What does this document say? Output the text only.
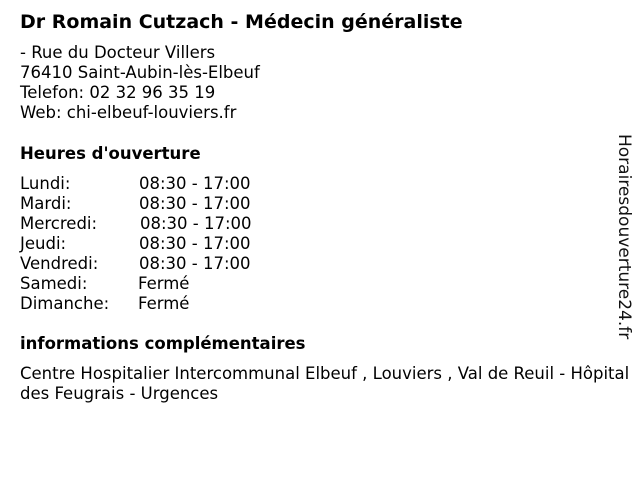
Dr Romain Cutzach - Médecin généraliste
- Rue du Docteur Villers
76410 Saint-Aubin-lès-Elbeuf
Telefon: 02 32 96 35 19
Web: chi-elbeuf-louviers.fr
Heures d'ouverture
Lundi:	08:30 - 17:00
Mardi:	08:30 - 17:00
Mercredi:	08:30 - 17:00
Jeudi:	08:30 - 17:00
Vendredi: 08:30 - 17:00
Samedi:	Fermé
Dimanche: Fermé
informations complémentaires
Centre Hospitalier Intercommunal Elbeuf , Louviers , Val de Reuil - Hôpital des Feugrais - Urgences
Horairesdouverture24.fr
